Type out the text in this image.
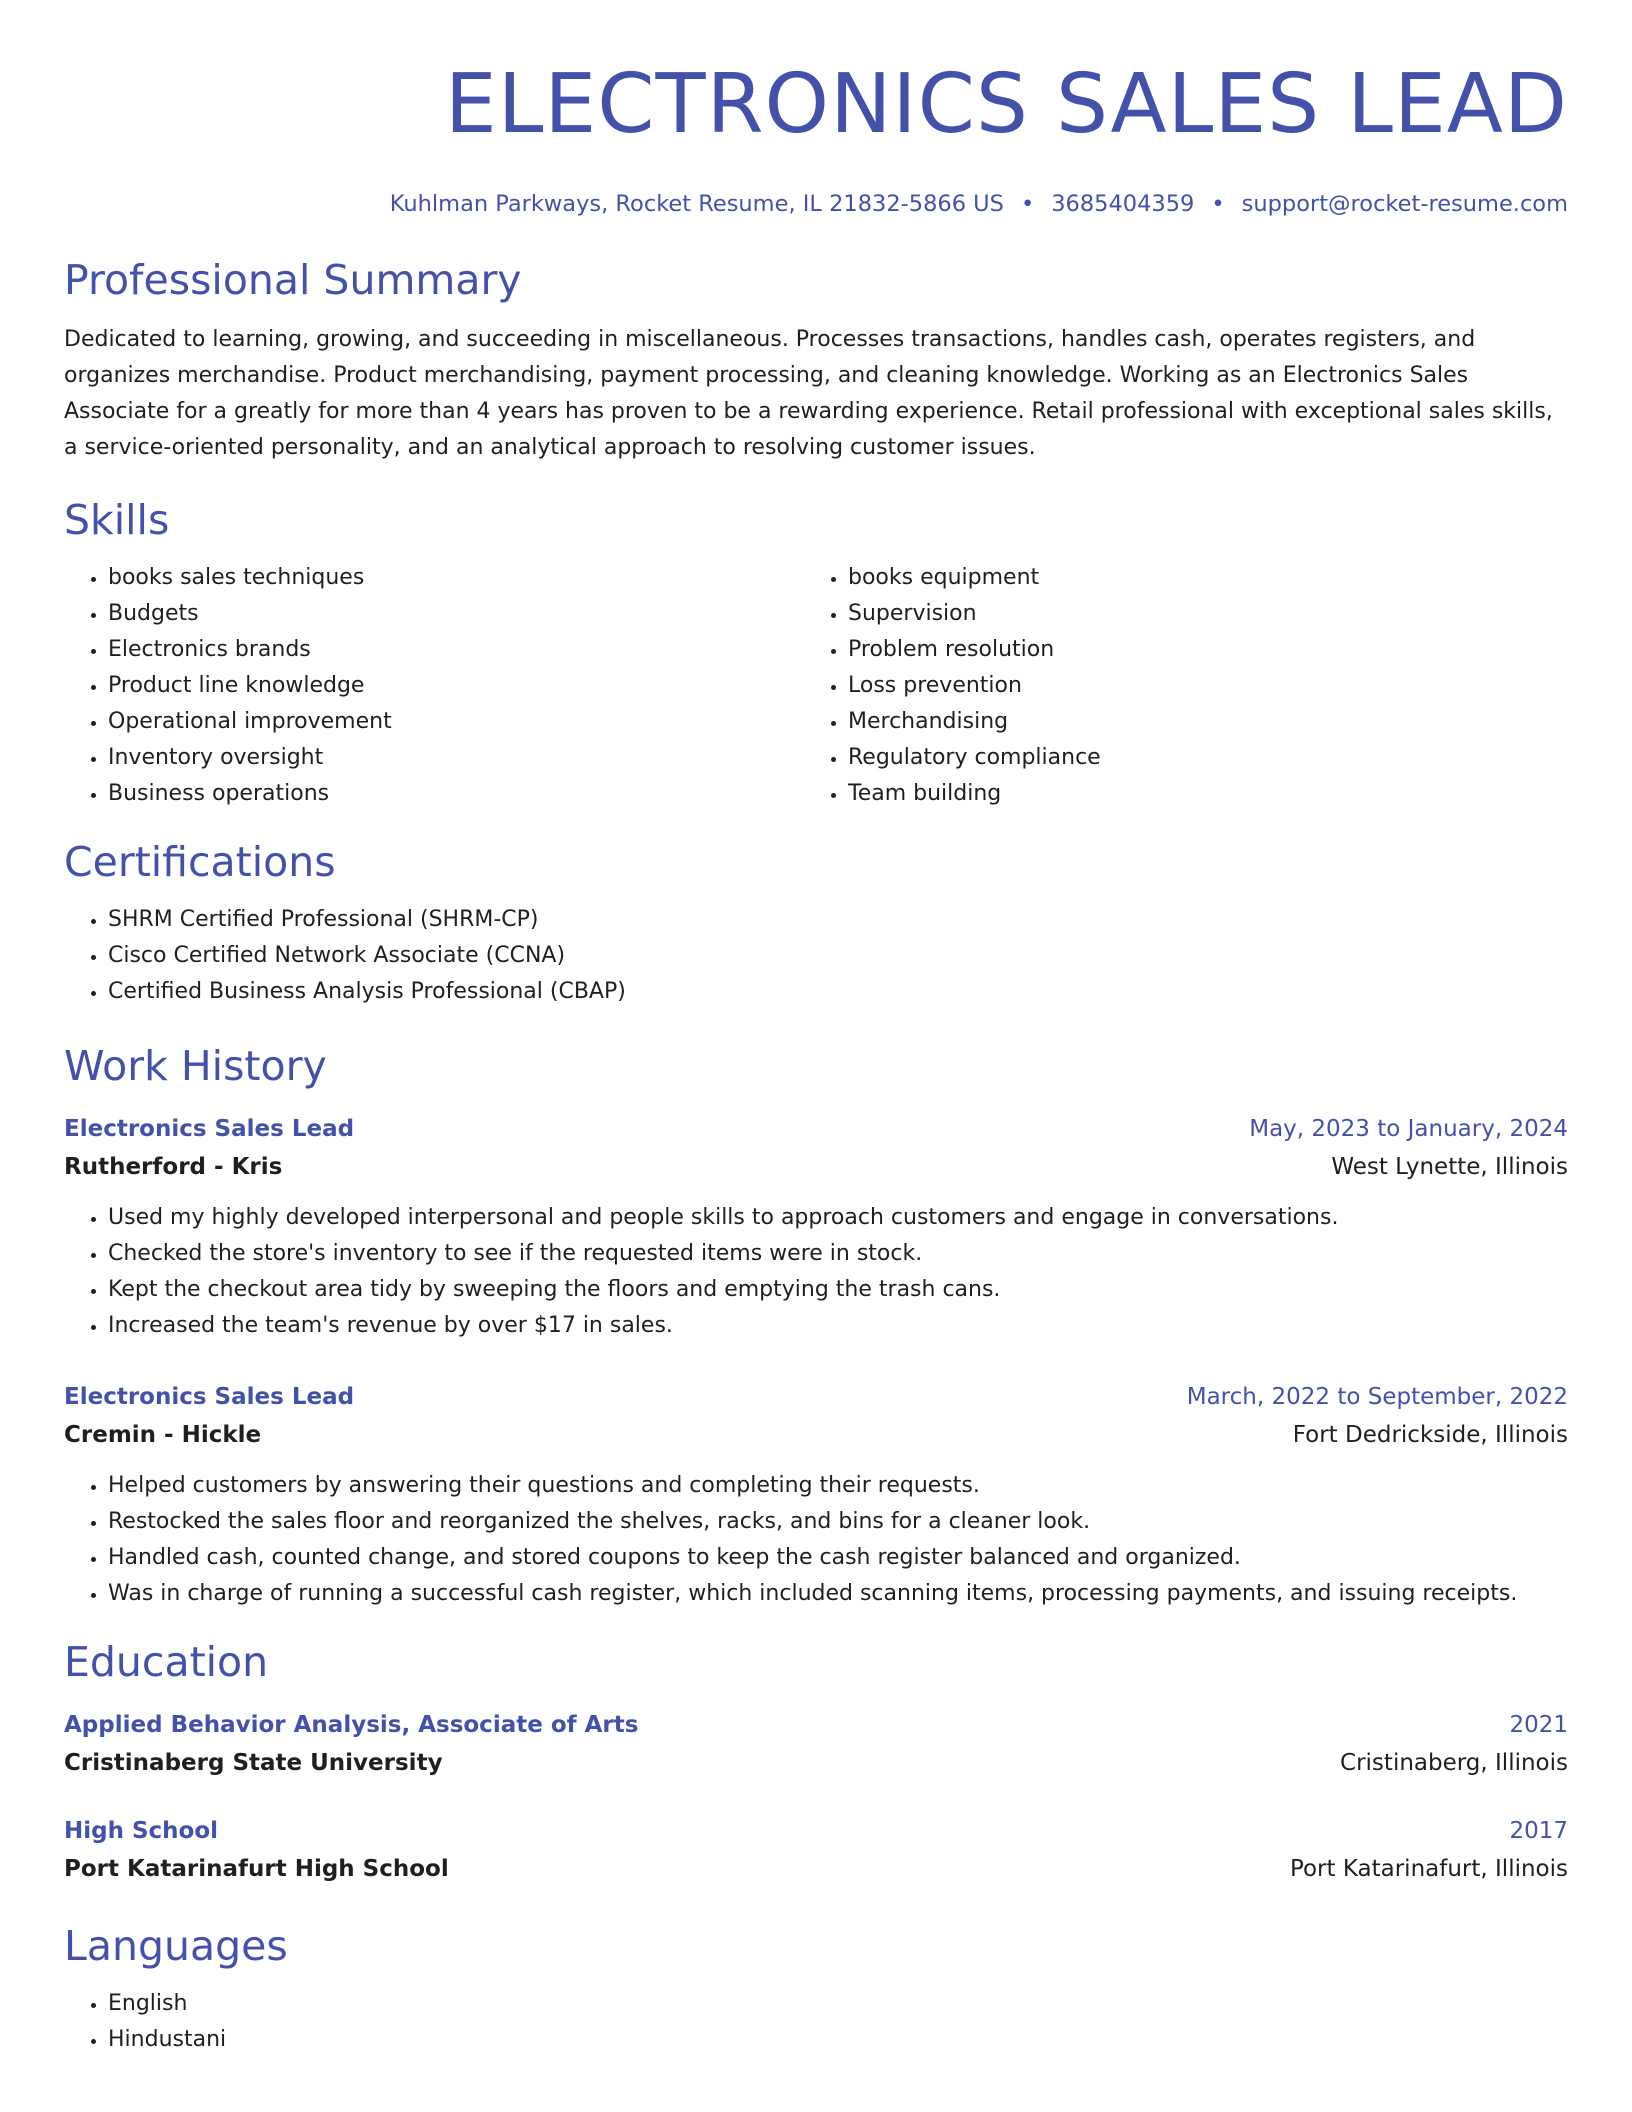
ELECTRONICS SALES LEAD
Kuhlman Parkways, Rocket Resume, IL 21832-5866 US • 3685404359 • support@rocket-resume.com
Professional Summary

Dedicated to learning, growing, and succeeding in miscellaneous. Processes transactions, handles cash, operates registers, and organizes merchandise. Product merchandising, payment processing, and cleaning knowledge. Working as an Electronics Sales Associate for a greatly for more than 4 years has proven to be a rewarding experience. Retail professional with exceptional sales skills, a service-oriented personality, and an analytical approach to resolving customer issues.

Skills
• books sales techniques
• Budgets
• Electronics brands
• Product line knowledge
• Operational improvement
• Inventory oversight
• Business operations
• books equipment
• Supervision
• Problem resolution
• Loss prevention
• Merchandising
• Regulatory compliance
• Team building
Certifications
• SHRM Certified Professional (SHRM-CP)
• Cisco Certified Network Associate (CCNA)
• Certified Business Analysis Professional (CBAP)
Work History
Electronics Sales Lead	May, 2023 to January, 2024
Rutherford - Kris	West Lynette, Illinois
• Used my highly developed interpersonal and people skills to approach customers and engage in conversations.
• Checked the store's inventory to see if the requested items were in stock.
• Kept the checkout area tidy by sweeping the floors and emptying the trash cans.
• Increased the team's revenue by over $17 in sales.
Electronics Sales Lead	March, 2022 to September, 2022
Cremin - Hickle	Fort Dedrickside, Illinois
• Helped customers by answering their questions and completing their requests.
• Restocked the sales floor and reorganized the shelves, racks, and bins for a cleaner look.
• Handled cash, counted change, and stored coupons to keep the cash register balanced and organized.
• Was in charge of running a successful cash register, which included scanning items, processing payments, and issuing receipts.
Education
Applied Behavior Analysis, Associate of Arts	2021
Cristinaberg State University	Cristinaberg, Illinois
High School	2017
Port Katarinafurt High School	Port Katarinafurt, Illinois
Languages
• English
• Hindustani
